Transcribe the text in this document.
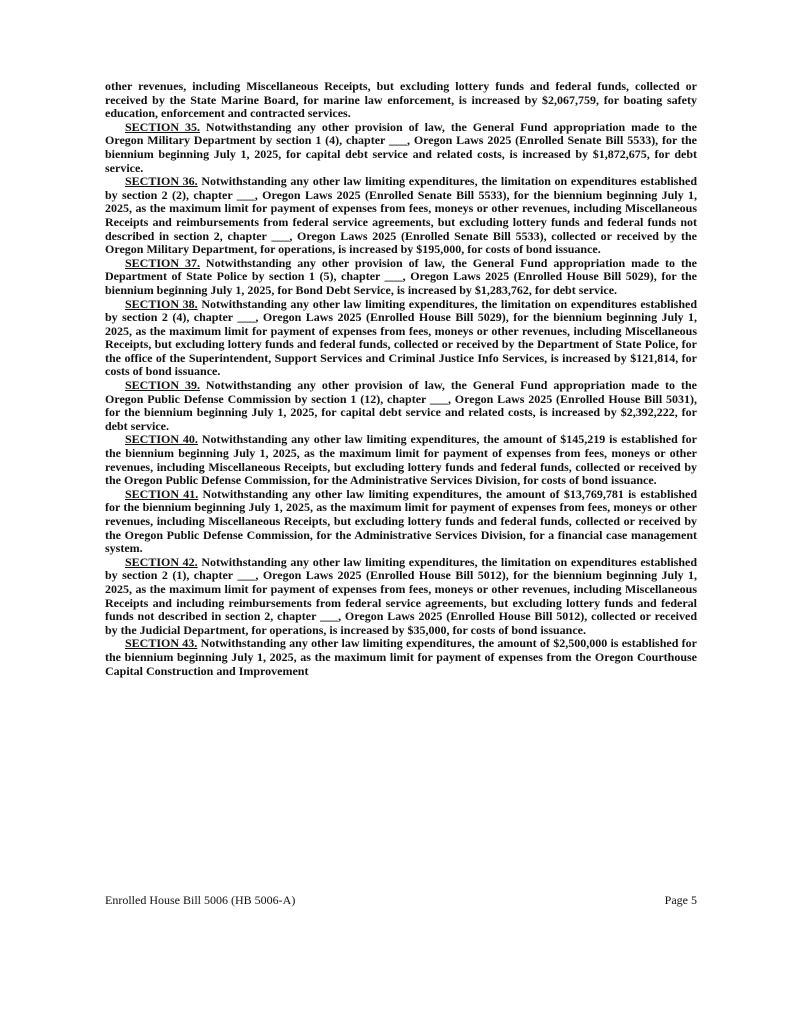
other revenues, including Miscellaneous Receipts, but excluding lottery funds and federal funds, collected or received by the State Marine Board, for marine law enforcement, is increased by $2,067,759, for boating safety education, enforcement and contracted services.

SECTION 35. Notwithstanding any other provision of law, the General Fund appropriation made to the Oregon Military Department by section 1 (4), chapter ___, Oregon Laws 2025 (Enrolled Senate Bill 5533), for the biennium beginning July 1, 2025, for capital debt service and related costs, is increased by $1,872,675, for debt service.

SECTION 36. Notwithstanding any other law limiting expenditures, the limitation on expenditures established by section 2 (2), chapter ___, Oregon Laws 2025 (Enrolled Senate Bill 5533), for the biennium beginning July 1, 2025, as the maximum limit for payment of expenses from fees, moneys or other revenues, including Miscellaneous Receipts and reimbursements from federal service agreements, but excluding lottery funds and federal funds not described in section 2, chapter ___, Oregon Laws 2025 (Enrolled Senate Bill 5533), collected or received by the Oregon Military Department, for operations, is increased by $195,000, for costs of bond issuance.

SECTION 37. Notwithstanding any other provision of law, the General Fund appropriation made to the Department of State Police by section 1 (5), chapter ___, Oregon Laws 2025 (Enrolled House Bill 5029), for the biennium beginning July 1, 2025, for Bond Debt Service, is increased by $1,283,762, for debt service.

SECTION 38. Notwithstanding any other law limiting expenditures, the limitation on expenditures established by section 2 (4), chapter ___, Oregon Laws 2025 (Enrolled House Bill 5029), for the biennium beginning July 1, 2025, as the maximum limit for payment of expenses from fees, moneys or other revenues, including Miscellaneous Receipts, but excluding lottery funds and federal funds, collected or received by the Department of State Police, for the office of the Superintendent, Support Services and Criminal Justice Info Services, is increased by $121,814, for costs of bond issuance.

SECTION 39. Notwithstanding any other provision of law, the General Fund appropriation made to the Oregon Public Defense Commission by section 1 (12), chapter ___, Oregon Laws 2025 (Enrolled House Bill 5031), for the biennium beginning July 1, 2025, for capital debt service and related costs, is increased by $2,392,222, for debt service.

SECTION 40. Notwithstanding any other law limiting expenditures, the amount of $145,219 is established for the biennium beginning July 1, 2025, as the maximum limit for payment of expenses from fees, moneys or other revenues, including Miscellaneous Receipts, but excluding lottery funds and federal funds, collected or received by the Oregon Public Defense Commission, for the Administrative Services Division, for costs of bond issuance.

SECTION 41. Notwithstanding any other law limiting expenditures, the amount of $13,769,781 is established for the biennium beginning July 1, 2025, as the maximum limit for payment of expenses from fees, moneys or other revenues, including Miscellaneous Receipts, but excluding lottery funds and federal funds, collected or received by the Oregon Public Defense Commission, for the Administrative Services Division, for a financial case management system.

SECTION 42. Notwithstanding any other law limiting expenditures, the limitation on expenditures established by section 2 (1), chapter ___, Oregon Laws 2025 (Enrolled House Bill 5012), for the biennium beginning July 1, 2025, as the maximum limit for payment of expenses from fees, moneys or other revenues, including Miscellaneous Receipts and including reimbursements from federal service agreements, but excluding lottery funds and federal funds not described in section 2, chapter ___, Oregon Laws 2025 (Enrolled House Bill 5012), collected or received by the Judicial Department, for operations, is increased by $35,000, for costs of bond issuance.

SECTION 43. Notwithstanding any other law limiting expenditures, the amount of $2,500,000 is established for the biennium beginning July 1, 2025, as the maximum limit for payment of expenses from the Oregon Courthouse Capital Construction and Improvement

Enrolled House Bill 5006 (HB 5006-A)	Page 5
